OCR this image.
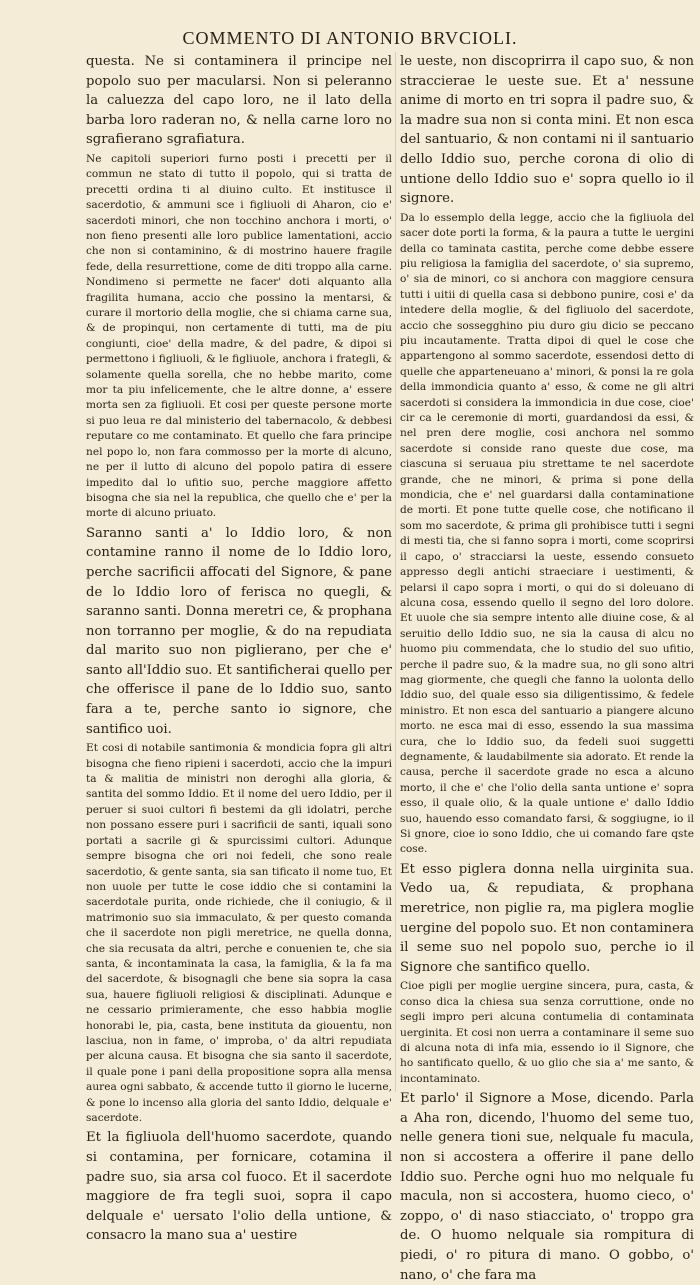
COMMENTO DI ANTONIO BRVCIOLI.

questa. Ne si contaminera il principe nel popolo suo per macularsi. Non si peleranno la caluezza del capo loro, ne il lato della barba loro raderan no, & nella carne loro no sgrafierano sgrafiatura.

Ne capitoli superiori furno posti i precetti per il commun ne stato di tutto il popolo, qui si tratta de precetti ordina ti al diuino culto. Et institusce il sacerdotio, & ammuni sce i figliuoli di Aharon, cio e' sacerdoti minori, che non tocchino anchora i morti, o' non fieno presenti alle loro publice lamentationi, accio che non si contaminino, & di mostrino hauere fragile fede, della resurrettione, come de diti troppo alla carne. Nondimeno si permette ne facer' doti alquanto alla fragilita humana, accio che possino la mentarsi, & curare il mortorio della moglie, che si chiama carne sua, & de propinqui, non certamente di tutti, ma de piu congiunti, cioe' della madre, & del padre, & dipoi si permettono i figliuoli, & le figliuole, anchora i frategli, & solamente quella sorella, che no hebbe marito, come mor ta piu infelicemente, che le altre donne, a' essere morta sen za figliuoli. Et cosi per queste persone morte si puo leua re dal ministerio del tabernacolo, & debbesi reputare co me contaminato. Et quello che fara principe nel popo lo, non fara commosso per la morte di alcuno, ne per il lutto di alcuno del popolo patira di essere impedito dal lo ufitio suo, perche maggiore affetto bisogna che sia nel la republica, che quello che e' per la morte di alcuno priuato.

Saranno santi a' lo Iddio loro, & non contamine ranno il nome de lo Iddio loro, perche sacrificii affocati del Signore, & pane de lo Iddio loro of ferisca no quegli, & saranno santi. Donna meretri ce, & prophana non torranno per moglie, & do na repudiata dal marito suo non piglierano, per che e' santo all'Iddio suo. Et santificherai quello per che offerisce il pane de lo Iddio suo, santo fara a te, perche santo io signore, che santifico uoi.

Et cosi di notabile santimonia & mondicia fopra gli altri bisogna che fieno ripieni i sacerdoti, accio che la impuri ta & malitia de ministri non deroghi alla gloria, & santita del sommo Iddio. Et il nome del uero Iddio, per il peruer si suoi cultori fi bestemi da gli idolatri, perche non possano essere puri i sacrificii de santi, iquali sono portati a sacrile gi & spurcissimi cultori. Adunque sempre bisogna che ori noi fedeli, che sono reale sacerdotio, & gente santa, sia san tificato il nome tuo, Et non uuole per tutte le cose iddio che si contamini la sacerdotale purita, onde richiede, che il coniugio, & il matrimonio suo sia immaculato, & per questo comanda che il sacerdote non pigli meretrice, ne quella donna, che sia recusata da altri, perche e conuenien te, che sia santa, & incontaminata la casa, la famiglia, & la fa ma del sacerdote, & bisognagli che bene sia sopra la casa sua, hauere figliuoli religiosi & disciplinati. Adunque e ne cessario primieramente, che esso habbia moglie honorabi le, pia, casta, bene instituta da giouentu, non lasciua, non in fame, o' improba, o' da altri repudiata per alcuna causa. Et bisogna che sia santo il sacerdote, il quale pone i pani della propositione sopra alla mensa aurea ogni sabbato, & accende tutto il giorno le lucerne, & pone lo incenso alla gloria del santo Iddio, delquale e' sacerdote.

Et la figliuola dell'huomo sacerdote, quando si contamina, per fornicare, cotamina il padre suo, sia arsa col fuoco. Et il sacerdote maggiore de fra tegli suoi, sopra il capo delquale e' uersato l'olio della untione, & consacro la mano sua a' uestire

le ueste, non discoprirra il capo suo, & non straccierae le ueste sue. Et a' nessune anime di morto en tri sopra il padre suo, & la madre sua non si conta mini. Et non esca del santuario, & non contami ni il santuario dello Iddio suo, perche corona di olio di untione dello Iddio suo e' sopra quello io il signore.

Da lo essemplo della legge, accio che la figliuola del sacer dote porti la forma, & la paura a tutte le uergini della co taminata castita, perche come debbe essere piu religiosa la famiglia del sacerdote, o' sia supremo, o' sia de minori, co si anchora con maggiore censura tutti i uitii di quella casa si debbono punire, cosi e' da intedere della moglie, & del figliuolo del sacerdote, accio che sossegghino piu duro giu dicio se peccano piu incautamente. Tratta dipoi di quel le cose che appartengono al sommo sacerdote, essendosi detto di quelle che apparteneuano a' minori, & ponsi la re gola della immondicia quanto a' esso, & come ne gli altri sacerdoti si considera la immondicia in due cose, cioe' cir ca le ceremonie di morti, guardandosi da essi, & nel pren dere moglie, cosi anchora nel sommo sacerdote si conside rano queste due cose, ma ciascuna si seruaua piu strettame te nel sacerdote grande, che ne minori, & prima si pone della mondicia, che e' nel guardarsi dalla contaminatione de morti. Et pone tutte quelle cose, che notificano il som mo sacerdote, & prima gli prohibisce tutti i segni di mesti tia, che si fanno sopra i morti, come scoprirsi il capo, o' stracciarsi la ueste, essendo consueto appresso degli antichi straeciare i uestimenti, & pelarsi il capo sopra i morti, o qui do si doleuano di alcuna cosa, essendo quello il segno del loro dolore. Et uuole che sia sempre intento alle diuine cose, & al seruitio dello Iddio suo, ne sia la causa di alcu no huomo piu commendata, che lo studio del suo ufitio, perche il padre suo, & la madre sua, no gli sono altri mag giormente, che quegli che fanno la uolonta dello Iddio suo, del quale esso sia diligentissimo, & fedele ministro. Et non esca del santuario a piangere alcuno morto. ne esca mai di esso, essendo la sua massima cura, che lo Iddio suo, da fedeli suoi suggetti degnamente, & laudabilmente sia adorato. Et rende la causa, perche il sacerdote grade no esca a alcuno morto, il che e' che l'olio della santa untione e' sopra esso, il quale olio, & la quale untione e' dallo Iddio suo, hauendo esso comandato farsi, & soggiugne, io il Si gnore, cioe io sono Iddio, che ui comando fare qste cose.

Et esso piglera donna nella uirginita sua. Vedo ua, & repudiata, & prophana meretrice, non piglie ra, ma piglera moglie uergine del popolo suo. Et non contaminera il seme suo nel popolo suo, perche io il Signore che santifico quello.

Cioe pigli per moglie uergine sincera, pura, casta, & conso dica la chiesa sua senza corruttione, onde no segli impro peri alcuna contumelia di contaminata uerginita. Et cosi non uerra a contaminare il seme suo di alcuna nota di infa mia, essendo io il Signore, che ho santificato quello, & uo glio che sia a' me santo, & incontaminato.

Et parlo' il Signore a Mose, dicendo. Parla a Aha ron, dicendo, l'huomo del seme tuo, nelle genera tioni sue, nelquale fu macula, non si accostera a offerire il pane dello Iddio suo. Perche ogni huo mo nelquale fu macula, non si accostera, huomo cieco, o' zoppo, o' di naso stiacciato, o' troppo gra de. O huomo nelquale sia rompitura di piedi, o' ro pitura di mano. O gobbo, o' nano, o' che fara ma
